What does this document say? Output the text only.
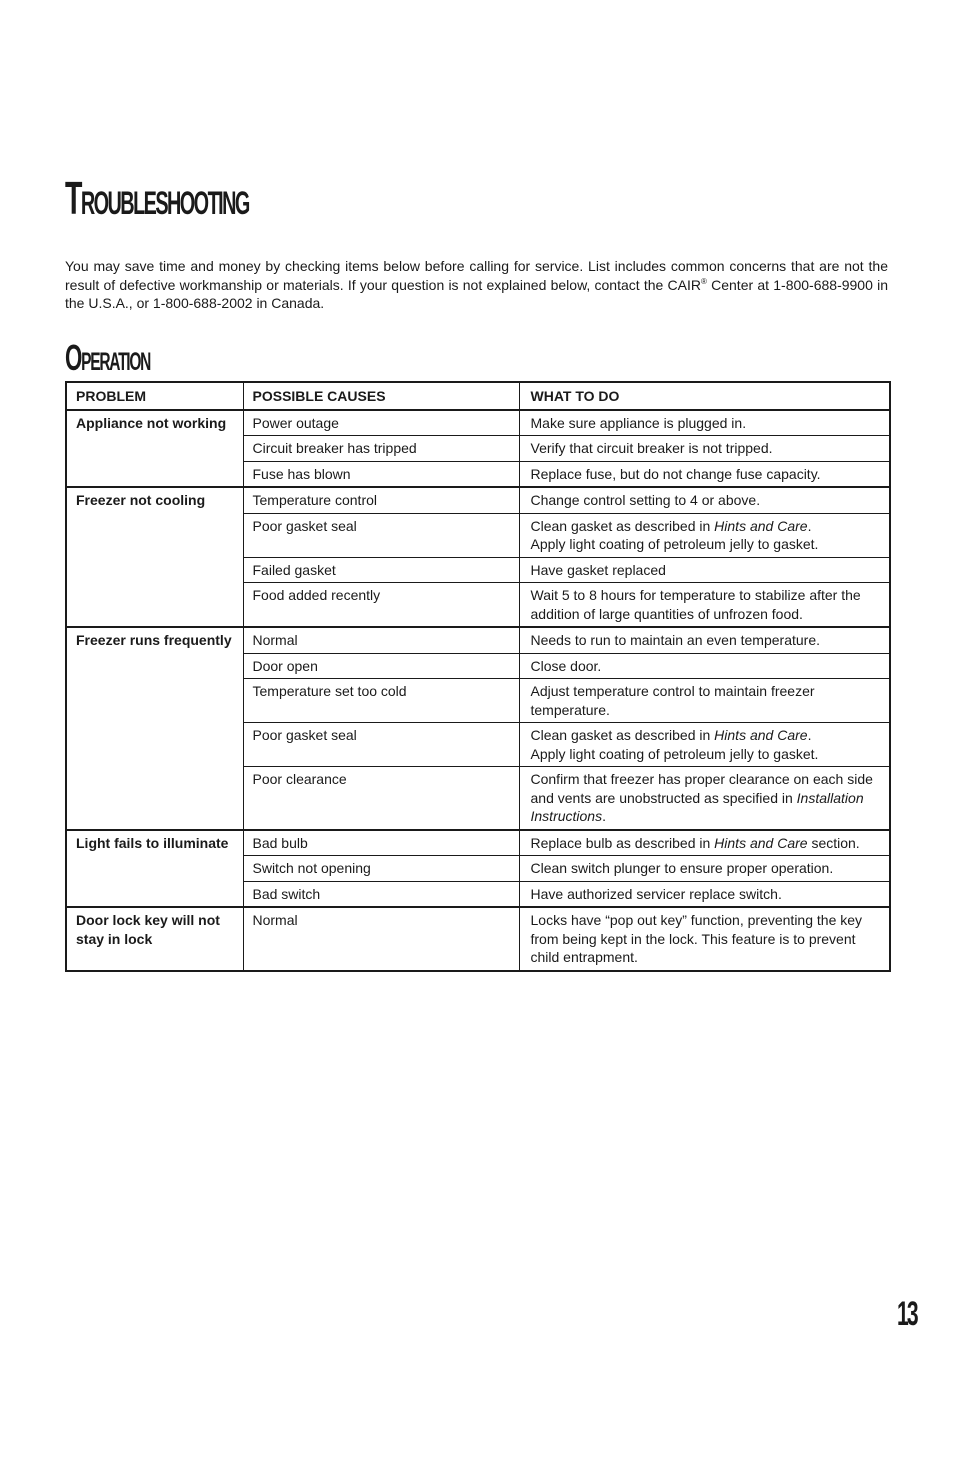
Troubleshooting

You may save time and money by checking items below before calling for service. List includes common concerns that are not the result of defective workmanship or materials. If your question is not explained below, contact the CAIR® Center at 1-800-688-9900 in the U.S.A., or 1-800-688-2002 in Canada.

Operation
PROBLEM	POSSIBLE CAUSES	WHAT TO DO
Appliance not working	Power outage	Make sure appliance is plugged in.
	Circuit breaker has tripped	Verify that circuit breaker is not tripped.
	Fuse has blown	Replace fuse, but do not change fuse capacity.
Freezer not cooling	Temperature control	Change control setting to 4 or above.
	Poor gasket seal	Clean gasket as described in Hints and Care.
Apply light coating of petroleum jelly to gasket.
	Failed gasket	Have gasket replaced
	Food added recently	Wait 5 to 8 hours for temperature to stabilize after the addition of large quantities of unfrozen food.
Freezer runs frequently	Normal	Needs to run to maintain an even temperature.
	Door open	Close door.
	Temperature set too cold	Adjust temperature control to maintain freezer temperature.
	Poor gasket seal	Clean gasket as described in Hints and Care.
Apply light coating of petroleum jelly to gasket.
	Poor clearance	Confirm that freezer has proper clearance on each side and vents are unobstructed as specified in Installation Instructions.
Light fails to illuminate	Bad bulb	Replace bulb as described in Hints and Care section.
	Switch not opening	Clean switch plunger to ensure proper operation.
	Bad switch	Have authorized servicer replace switch.
Door lock key will not stay in lock	Normal	Locks have “pop out key” function, preventing the key from being kept in the lock. This feature is to prevent child entrapment.
13
